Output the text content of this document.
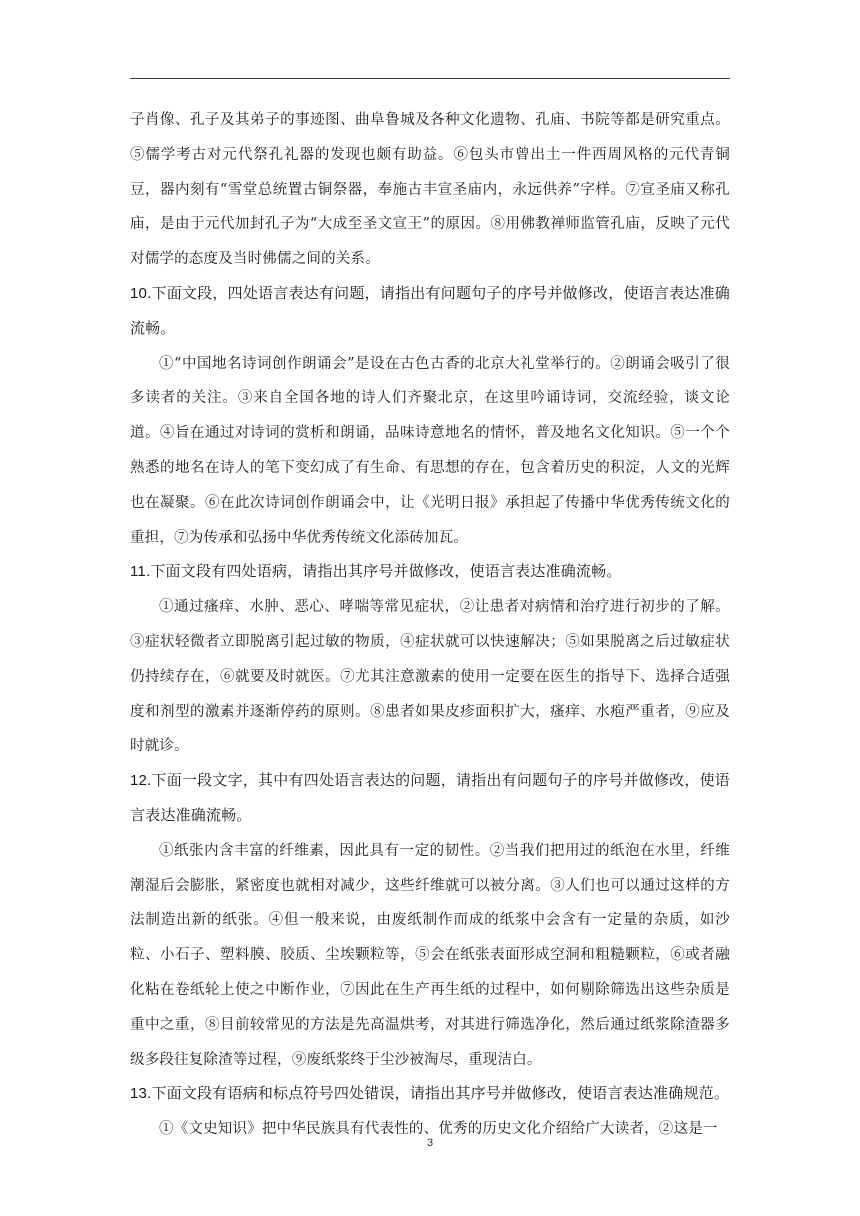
子肖像、孔子及其弟子的事迹图、曲阜鲁城及各种文化遗物、孔庙、书院等都是研究重点。⑤儒学考古对元代祭孔礼器的发现也颇有助益。⑥包头市曾出土一件西周风格的元代青铜豆，器内刻有“雪堂总统置古铜祭器，奉施古丰宣圣庙内，永远供养”字样。⑦宣圣庙又称孔庙，是由于元代加封孔子为“大成至圣文宣王”的原因。⑧用佛教禅师监管孔庙，反映了元代对儒学的态度及当时佛儒之间的关系。

10.下面文段，四处语言表达有问题，请指出有问题句子的序号并做修改，使语言表达准确流畅。

①“中国地名诗词创作朗诵会”是设在古色古香的北京大礼堂举行的。②朗诵会吸引了很多读者的关注。③来自全国各地的诗人们齐聚北京，在这里吟诵诗词，交流经验，谈文论道。④旨在通过对诗词的赏析和朗诵，品味诗意地名的情怀，普及地名文化知识。⑤一个个熟悉的地名在诗人的笔下变幻成了有生命、有思想的存在，包含着历史的积淀，人文的光辉也在凝聚。⑥在此次诗词创作朗诵会中，让《光明日报》承担起了传播中华优秀传统文化的重担，⑦为传承和弘扬中华优秀传统文化添砖加瓦。

11.下面文段有四处语病，请指出其序号并做修改，使语言表达准确流畅。

①通过瘙痒、水肿、恶心、哮喘等常见症状，②让患者对病情和治疗进行初步的了解。③症状轻微者立即脱离引起过敏的物质，④症状就可以快速解决；⑤如果脱离之后过敏症状仍持续存在，⑥就要及时就医。⑦尤其注意激素的使用一定要在医生的指导下、选择合适强度和剂型的激素并逐渐停药的原则。⑧患者如果皮疹面积扩大，瘙痒、水疱严重者，⑨应及时就诊。

12.下面一段文字，其中有四处语言表达的问题，请指出有问题句子的序号并做修改，使语言表达准确流畅。

①纸张内含丰富的纤维素，因此具有一定的韧性。②当我们把用过的纸泡在水里，纤维潮湿后会膨胀，紧密度也就相对减少，这些纤维就可以被分离。③人们也可以通过这样的方法制造出新的纸张。④但一般来说，由废纸制作而成的纸浆中会含有一定量的杂质，如沙粒、小石子、塑料膜、胶质、尘埃颗粒等，⑤会在纸张表面形成空洞和粗糙颗粒，⑥或者融化粘在卷纸轮上使之中断作业，⑦因此在生产再生纸的过程中，如何剔除筛选出这些杂质是重中之重，⑧目前较常见的方法是先高温烘考，对其进行筛选净化，然后通过纸浆除渣器多级多段往复除渣等过程，⑨废纸浆终于尘沙被淘尽，重现洁白。

13.下面文段有语病和标点符号四处错误，请指出其序号并做修改，使语言表达准确规范。

①《文史知识》把中华民族具有代表性的、优秀的历史文化介绍给广大读者，②这是一

3
